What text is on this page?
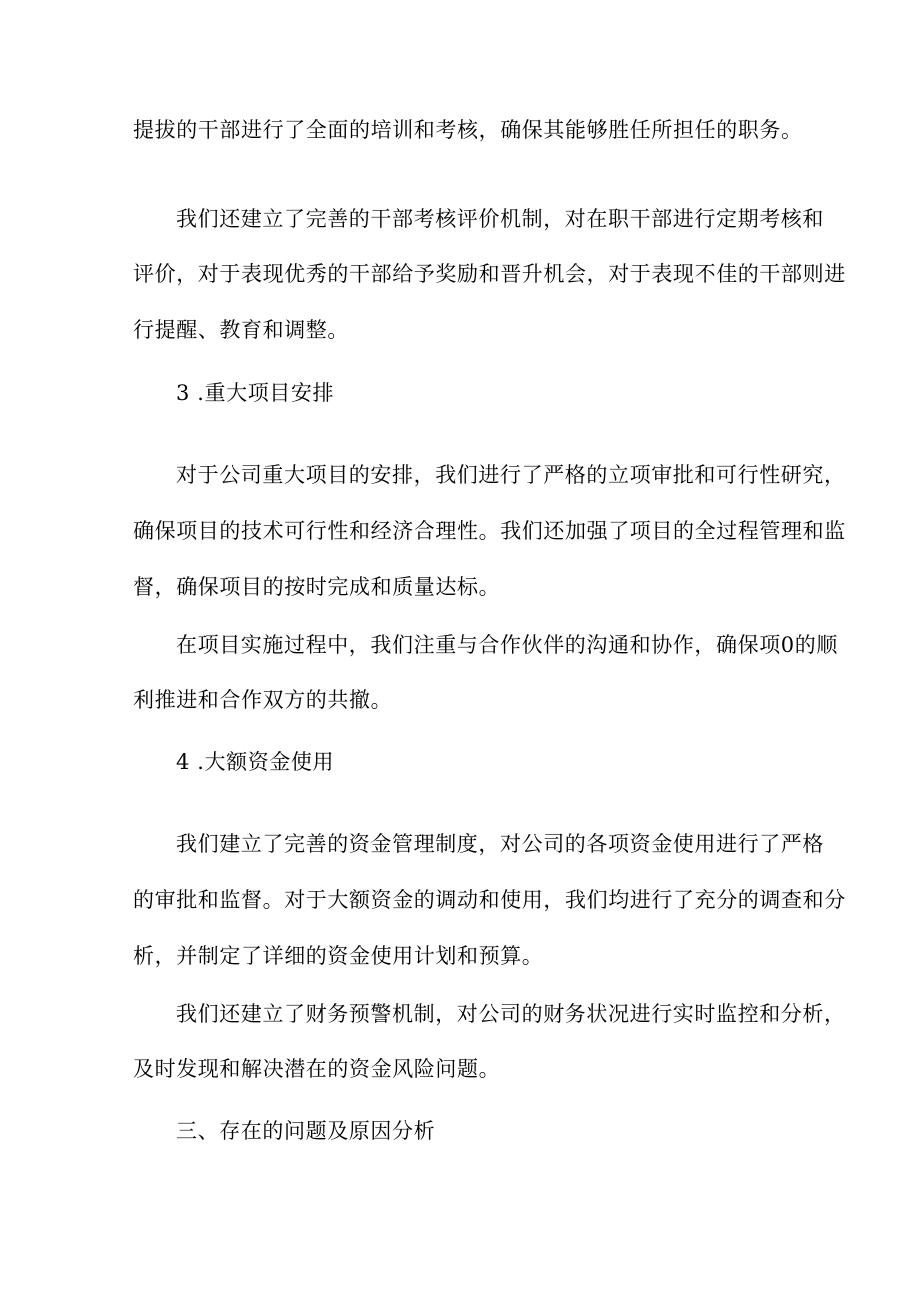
提拔的干部进行了全面的培训和考核，确保其能够胜任所担任的职务。
我们还建立了完善的干部考核评价机制，对在职干部进行定期考核和
评价，对于表现优秀的干部给予奖励和晋升机会，对于表现不佳的干部则进
行提醒、教育和调整。
3 .重大项目安排
对于公司重大项目的安排，我们进行了严格的立项审批和可行性研究，
确保项目的技术可行性和经济合理性。我们还加强了项目的全过程管理和监
督，确保项目的按时完成和质量达标。
在项目实施过程中，我们注重与合作伙伴的沟通和协作，确保项0的顺
利推进和合作双方的共撤。
4 .大额资金使用
我们建立了完善的资金管理制度，对公司的各项资金使用进行了严格
的审批和监督。对于大额资金的调动和使用，我们均进行了充分的调查和分
析，并制定了详细的资金使用计划和预算。
我们还建立了财务预警机制，对公司的财务状况进行实时监控和分析，
及时发现和解决潜在的资金风险问题。
三、存在的问题及原因分析
